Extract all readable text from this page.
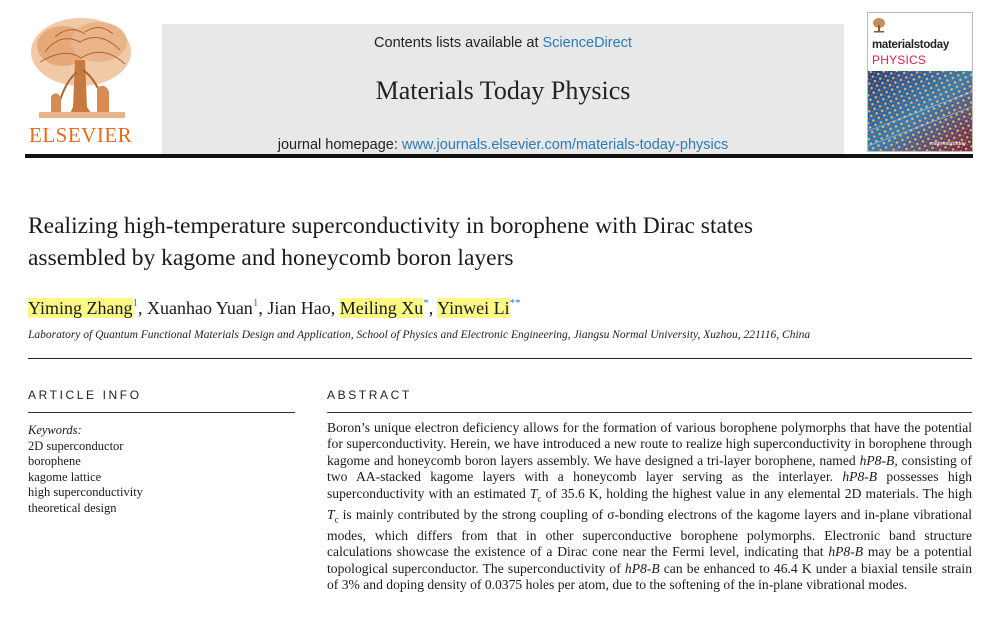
ELSEVIER
Contents lists available at ScienceDirect
Materials Today Physics
journal homepage: www.journals.elsevier.com/materials-today-physics
materialstoday
PHYSICS
materialstoday
Realizing high-temperature superconductivity in borophene with Dirac states assembled by kagome and honeycomb boron layers
Yiming Zhang$^1$, Xuanhao Yuan$^1$, Jian Hao, Meiling Xu*, Yinwei Li**
Laboratory of Quantum Functional Materials Design and Application, School of Physics and Electronic Engineering, Jiangsu Normal University, Xuzhou, 221116, China
ARTICLE INFO
Keywords:
2D superconductor
borophene
kagome lattice
high superconductivity
theoretical design
ABSTRACT

Boron’s unique electron deficiency allows for the formation of various borophene polymorphs that have the potential for superconductivity. Herein, we have introduced a new route to realize high superconductivity in borophene through kagome and honeycomb boron layers assembly. We have designed a tri-layer borophene, named hP8-B, consisting of two AA-stacked kagome layers with a honeycomb layer serving as the interlayer. hP8-B possesses high superconductivity with an estimated $T_c$ of 35.6 K, holding the highest value in any elemental 2D materials. The high $T_c$ is mainly contributed by the strong coupling of σ-bonding electrons of the kagome layers and in-plane vibrational modes, which differs from that in other superconductive borophene polymorphs. Electronic band structure calculations showcase the existence of a Dirac cone near the Fermi level, indicating that hP8-B may be a potential topological superconductor. The superconductivity of hP8-B can be enhanced to 46.4 K under a biaxial tensile strain of 3% and doping density of 0.0375 holes per atom, due to the softening of the in-plane vibrational modes.
